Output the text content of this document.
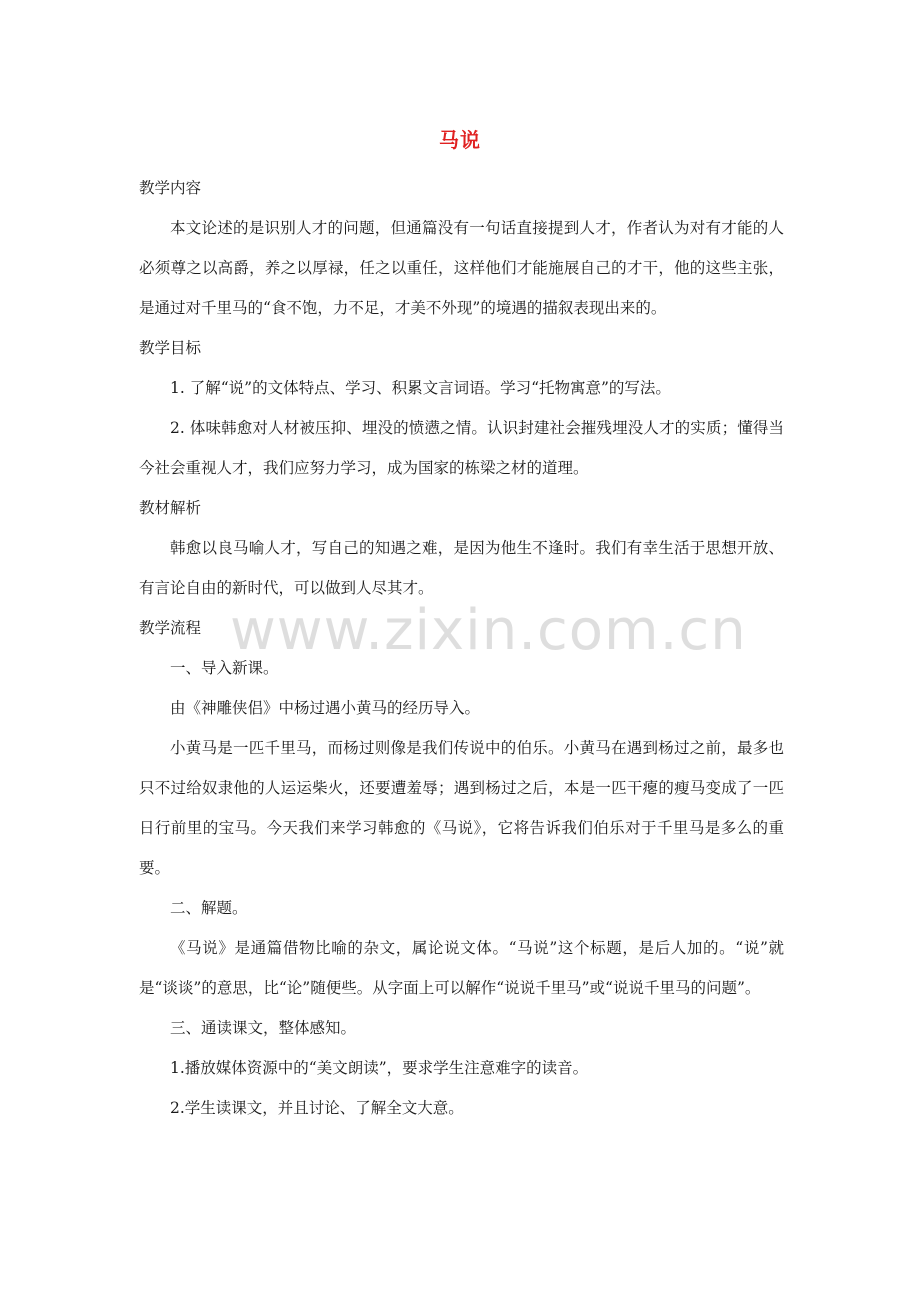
马说

教学内容

本文论述的是识别人才的问题，但通篇没有一句话直接提到人才，作者认为对有才能的人必须尊之以高爵，养之以厚禄，任之以重任，这样他们才能施展自己的才干，他的这些主张，是通过对千里马的“食不饱，力不足，才美不外现”的境遇的描叙表现出来的。

教学目标

1. 了解“说”的文体特点、学习、积累文言词语。学习“托物寓意”的写法。

2. 体味韩愈对人材被压抑、埋没的愤懑之情。认识封建社会摧残埋没人才的实质；懂得当今社会重视人才，我们应努力学习，成为国家的栋梁之材的道理。

教材解析

韩愈以良马喻人才，写自己的知遇之难，是因为他生不逢时。我们有幸生活于思想开放、有言论自由的新时代，可以做到人尽其才。

教学流程

一、导入新课。

由《神雕侠侣》中杨过遇小黄马的经历导入。

小黄马是一匹千里马，而杨过则像是我们传说中的伯乐。小黄马在遇到杨过之前，最多也只不过给奴隶他的人运运柴火，还要遭羞辱；遇到杨过之后，本是一匹干瘪的瘦马变成了一匹日行前里的宝马。今天我们来学习韩愈的《马说》，它将告诉我们伯乐对于千里马是多么的重要。

二、解题。

《马说》是通篇借物比喻的杂文，属论说文体。“马说”这个标题，是后人加的。“说”就是“谈谈”的意思，比“论”随便些。从字面上可以解作“说说千里马”或“说说千里马的问题”。

三、通读课文，整体感知。

1.播放媒体资源中的“美文朗读”，要求学生注意难字的读音。

2.学生读课文，并且讨论、了解全文大意。

www.zixin.com.cn
